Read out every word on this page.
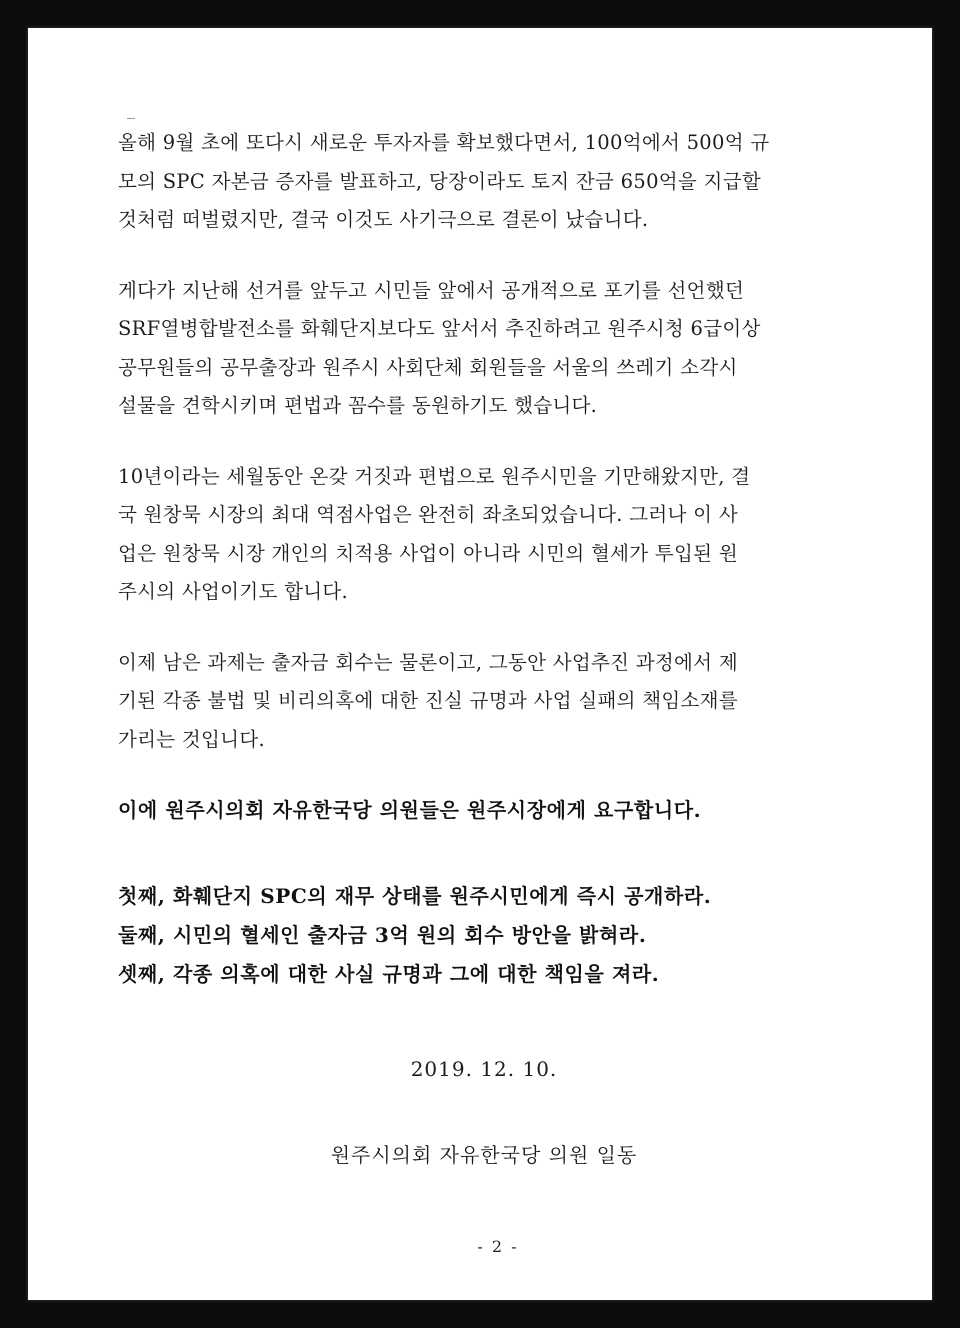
올해 9월 초에 또다시 새로운 투자자를 확보했다면서, 100억에서 500억 규
모의 SPC 자본금 증자를 발표하고, 당장이라도 토지 잔금 650억을 지급할
것처럼 떠벌렸지만, 결국 이것도 사기극으로 결론이 났습니다.
게다가 지난해 선거를 앞두고 시민들 앞에서 공개적으로 포기를 선언했던
SRF열병합발전소를 화훼단지보다도 앞서서 추진하려고 원주시청 6급이상
공무원들의 공무출장과 원주시 사회단체 회원들을 서울의 쓰레기 소각시
설물을 견학시키며 편법과 꼼수를 동원하기도 했습니다.
10년이라는 세월동안 온갖 거짓과 편법으로 원주시민을 기만해왔지만, 결
국 원창묵 시장의 최대 역점사업은 완전히 좌초되었습니다. 그러나 이 사
업은 원창묵 시장 개인의 치적용 사업이 아니라 시민의 혈세가 투입된 원
주시의 사업이기도 합니다.
이제 남은 과제는 출자금 회수는 물론이고, 그동안 사업추진 과정에서 제
기된 각종 불법 및 비리의혹에 대한 진실 규명과 사업 실패의 책임소재를
가리는 것입니다.
이에 원주시의회 자유한국당 의원들은 원주시장에게 요구합니다.
첫째, 화훼단지 SPC의 재무 상태를 원주시민에게 즉시 공개하라.
둘째, 시민의 혈세인 출자금 3억 원의 회수 방안을 밝혀라.
셋째, 각종 의혹에 대한 사실 규명과 그에 대한 책임을 져라.
2019. 12. 10.
원주시의회 자유한국당 의원 일동
- 2 -
